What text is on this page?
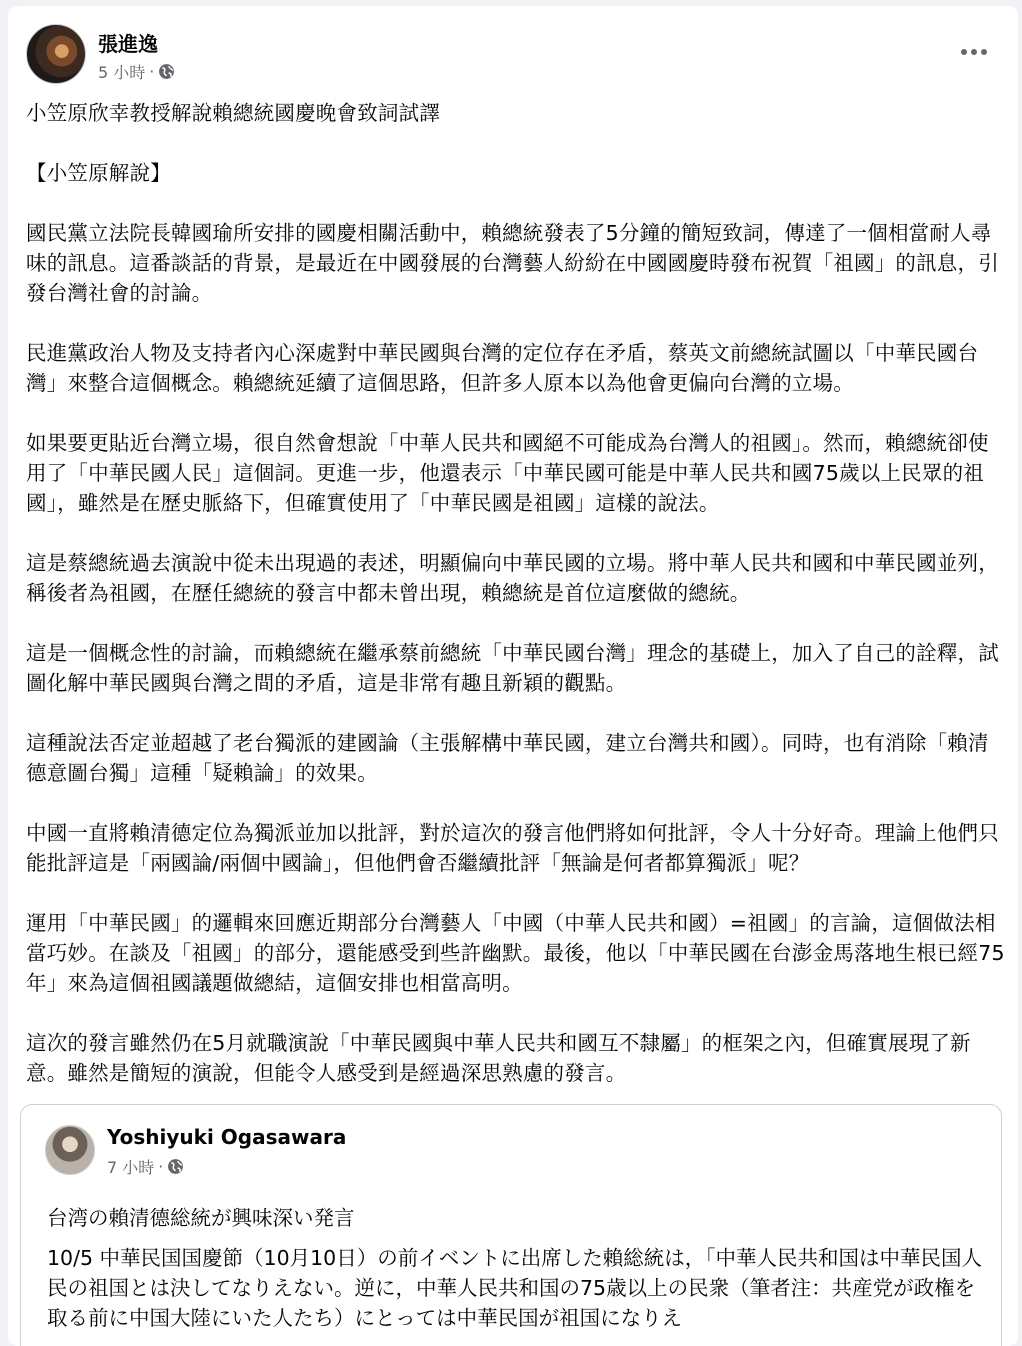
張進逸
5 小時 ·
小笠原欣幸教授解說賴總統國慶晚會致詞試譯
【小笠原解說】
國民黨立法院長韓國瑜所安排的國慶相關活動中，賴總統發表了5分鐘的簡短致詞，傳達了一個相當耐人尋味的訊息。這番談話的背景，是最近在中國發展的台灣藝人紛紛在中國國慶時發布祝賀「祖國」的訊息，引發台灣社會的討論。
民進黨政治人物及支持者內心深處對中華民國與台灣的定位存在矛盾，蔡英文前總統試圖以「中華民國台灣」來整合這個概念。賴總統延續了這個思路，但許多人原本以為他會更偏向台灣的立場。
如果要更貼近台灣立場，很自然會想說「中華人民共和國絕不可能成為台灣人的祖國」。然而，賴總統卻使用了「中華民國人民」這個詞。更進一步，他還表示「中華民國可能是中華人民共和國75歲以上民眾的祖國」，雖然是在歷史脈絡下，但確實使用了「中華民國是祖國」這樣的說法。
這是蔡總統過去演說中從未出現過的表述，明顯偏向中華民國的立場。將中華人民共和國和中華民國並列，稱後者為祖國，在歷任總統的發言中都未曾出現，賴總統是首位這麼做的總統。
這是一個概念性的討論，而賴總統在繼承蔡前總統「中華民國台灣」理念的基礎上，加入了自己的詮釋，試圖化解中華民國與台灣之間的矛盾，這是非常有趣且新穎的觀點。
這種說法否定並超越了老台獨派的建國論（主張解構中華民國，建立台灣共和國）。同時，也有消除「賴清德意圖台獨」這種「疑賴論」的效果。
中國一直將賴清德定位為獨派並加以批評，對於這次的發言他們將如何批評，令人十分好奇。理論上他們只能批評這是「兩國論/兩個中國論」，但他們會否繼續批評「無論是何者都算獨派」呢？
運用「中華民國」的邏輯來回應近期部分台灣藝人「中國（中華人民共和國）=祖國」的言論，這個做法相當巧妙。在談及「祖國」的部分，還能感受到些許幽默。最後，他以「中華民國在台澎金馬落地生根已經75年」來為這個祖國議題做總結，這個安排也相當高明。
這次的發言雖然仍在5月就職演說「中華民國與中華人民共和國互不隸屬」的框架之內，但確實展現了新意。雖然是簡短的演說，但能令人感受到是經過深思熟慮的發言。
Yoshiyuki Ogasawara
7 小時 ·
台湾の賴清德総統が興味深い発言
10/5 中華民国国慶節（10月10日）の前イベントに出席した賴総統は，「中華人民共和国は中華民国人民の祖国とは決してなりえない。逆に，中華人民共和国の75歳以上の民衆（筆者注：共産党が政権を取る前に中国大陸にいた人たち）にとっては中華民国が祖国になりえ
